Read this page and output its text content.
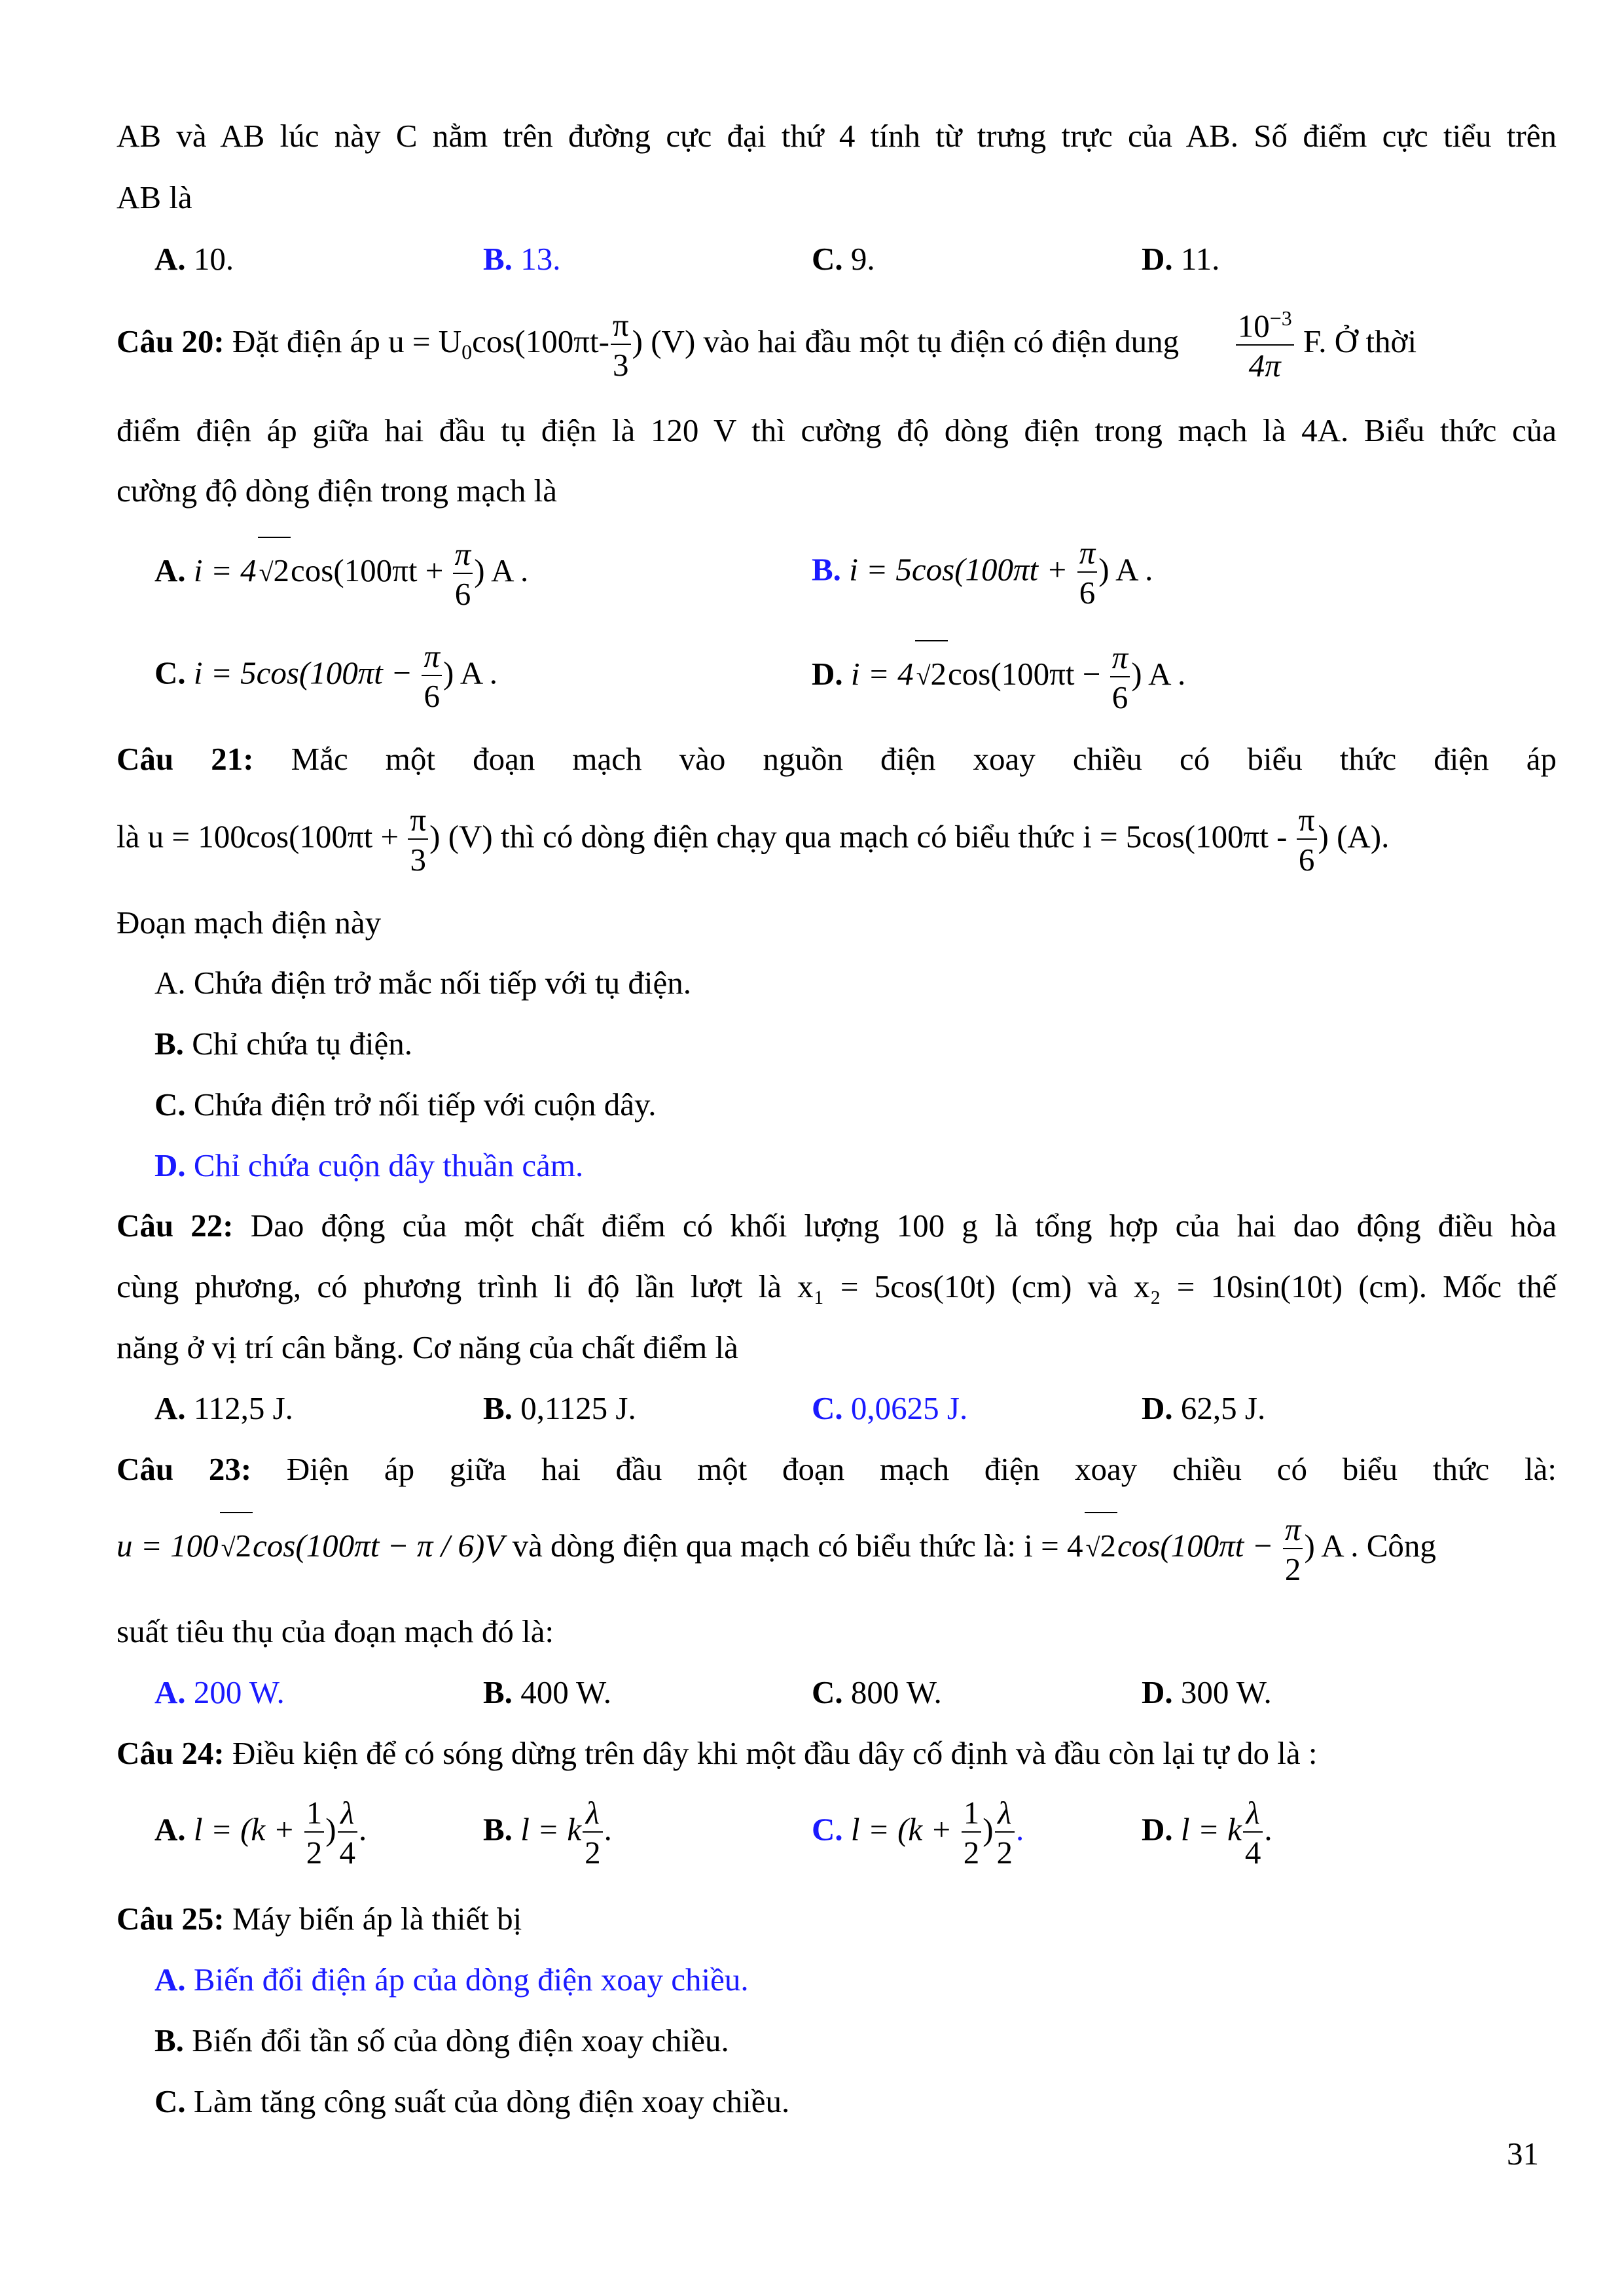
AB và AB lúc này C nằm trên đường cực đại thứ 4 tính từ trưng trực của AB. Số điểm cực tiểu trên
AB là
A. 10.	B. 13.	C. 9.	D. 11.
Câu 20: Đặt điện áp $u = U_0\cos(100\pi t- \frac{\pi}{3}$ ) (V) vào hai đầu một tụ điện có điện dung $\frac{10^{-3}}{4\pi} F$. Ở thời
điểm điện áp giữa hai đầu tụ điện là 120 V thì cường độ dòng điện trong mạch là 4A. Biểu thức của
cường độ dòng điện trong mạch là
A. i = 4 $√2\cos(100\pi t + \frac{\pi}{6}$ ) A .	B. $i = 5\cos(100\pi t + \frac{\pi}{6}$ ) A .
C. $i = 5\cos(100\pi t - \frac{\pi}{6}$ ) A .	D. i = 4 $√2\cos(100\pi t - \frac{\pi}{6}$ ) A .
Câu 21: Mắc một đoạn mạch vào nguồn điện xoay chiều có biểu thức điện áp
là $u = 100\cos(100\pi t + \frac{\pi}{3}$ ) (V) thì có dòng điện chạy qua mạch có biểu thức $i = 5\cos(100\pi t - \frac{\pi}{6}$ ) (A).
Đoạn mạch điện này
A. Chứa điện trở mắc nối tiếp với tụ điện.
B. Chỉ chứa tụ điện.
C. Chứa điện trở nối tiếp với cuộn dây.
D. Chỉ chứa cuộn dây thuần cảm.
Câu 22: Dao động của một chất điểm có khối lượng 100 g là tổng hợp của hai dao động điều hòa
cùng phương, có phương trình li độ lần lượt là x₁ = 5cos(10t) (cm) và x₂ = 10sin(10t) (cm). Mốc thế
năng ở vị trí cân bằng. Cơ năng của chất điểm là
A. 112,5 J.	B. 0,1125 J.	C. 0,0625 J.	D. 62,5 J.
Câu 23: Điện áp giữa hai đầu một đoạn mạch điện xoay chiều có biểu thức là:
u = 100 √2cos(100πt − π / 6)V và dòng điện qua mạch có biểu thức là: i = 4 $√2\cos(100\pi t - \frac{\pi}{2}$ ) A . Công
suất tiêu thụ của đoạn mạch đó là:
A. 200 W.	B. 400 W.	C. 800 W.	D. 300 W.
Câu 24: Điều kiện để có sóng dừng trên dây khi một đầu dây cố định và đầu còn lại tự do là :
A. $l = (k + \frac{1}{2}$ ) $\frac{\lambda}{4}$ .	B. l = k $\frac{\lambda}{2}$ .	C. $l = (k + \frac{1}{2}$ ) $\frac{\lambda}{2}$ .	D. l = k $\frac{\lambda}{4}$ .
Câu 25: Máy biến áp là thiết bị
A. Biến đổi điện áp của dòng điện xoay chiều.
B. Biến đổi tần số của dòng điện xoay chiều.
C. Làm tăng công suất của dòng điện xoay chiều.
31
